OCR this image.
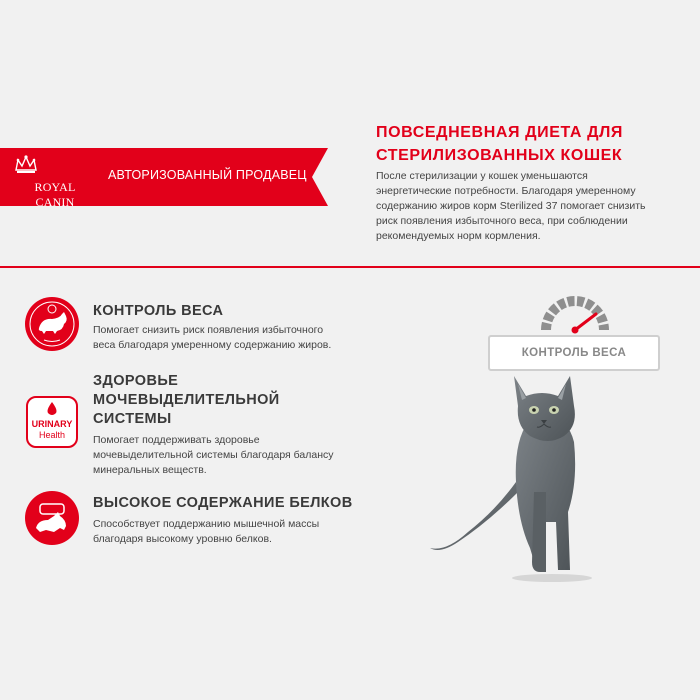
ROYAL CANIN
АВТОРИЗОВАННЫЙ ПРОДАВЕЦ
ПОВСЕДНЕВНАЯ ДИЕТА ДЛЯ
СТЕРИЛИЗОВАННЫХ КОШЕК
После стерилизации у кошек уменьшаются
энергетические потребности. Благодаря умеренному
содержанию жиров корм Sterilized 37 помогает снизить
риск появления избыточного веса, при соблюдении
рекомендуемых норм кормления.
КОНТРОЛЬ ВЕСА
Помогает снизить риск появления избыточного
веса благодаря умеренному содержанию жиров.
URINARY
Health
ЗДОРОВЬЕ
МОЧЕВЫДЕЛИТЕЛЬНОЙ
СИСТЕМЫ
Помогает поддерживать здоровье
мочевыделительной системы благодаря балансу
минеральных веществ.
ВЫСОКОЕ СОДЕРЖАНИЕ БЕЛКОВ
Способствует поддержанию мышечной массы
благодаря высокому уровню белков.
КОНТРОЛЬ ВЕСА
